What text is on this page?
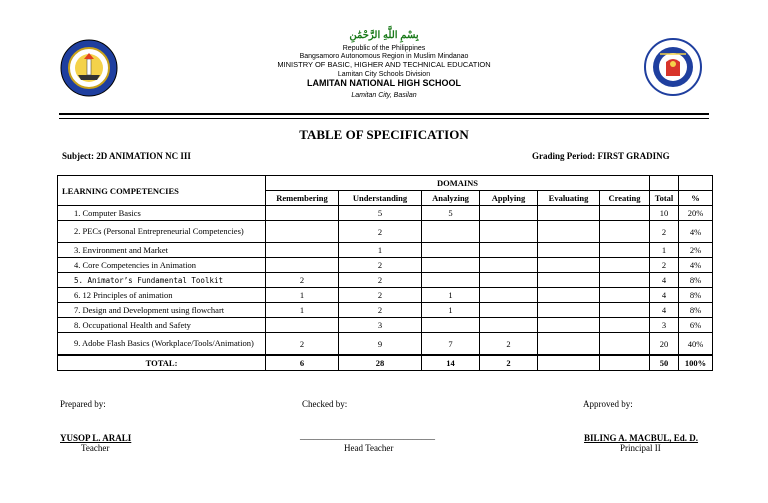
بِسْمِ اللَّهِ الرَّحْمَٰنِ
Republic of the Philippines
Bangsamoro Autonomous Region in Muslim Mindanao
MINISTRY OF BASIC, HIGHER AND TECHNICAL EDUCATION
Lamitan City Schools Division
LAMITAN NATIONAL HIGH SCHOOL
Lamitan City, Basilan
TABLE OF SPECIFICATION
Subject: 2D ANIMATION NC III	Grading Period: FIRST GRADING
LEARNING COMPETENCIES	DOMAINS							
	Remembering	Understanding	Analyzing	Applying	Evaluating	Creating	Total	%
1. Computer Basics		5	5				10	20%
2. PECs (Personal Entrepreneurial Competencies)		2					2	4%
3. Environment and Market		1					1	2%
4. Core Competencies in Animation		2					2	4%
5. Animator’s Fundamental Toolkit	2	2					4	8%
6. 12 Principles of animation	1	2	1				4	8%
7. Design and Development using flowchart	1	2	1				4	8%
8. Occupational Health and Safety		3					3	6%
9. Adobe Flash Basics (Workplace/Tools/Animation)	2	9	7	2			20	40%
TOTAL:	6	28	14	2			50	100%
Prepared by:	Checked by:	Approved by:
YUSOP L. ARALI
Teacher
______________________________
Head Teacher
BILING A. MACBUL, Ed. D.
Principal II
